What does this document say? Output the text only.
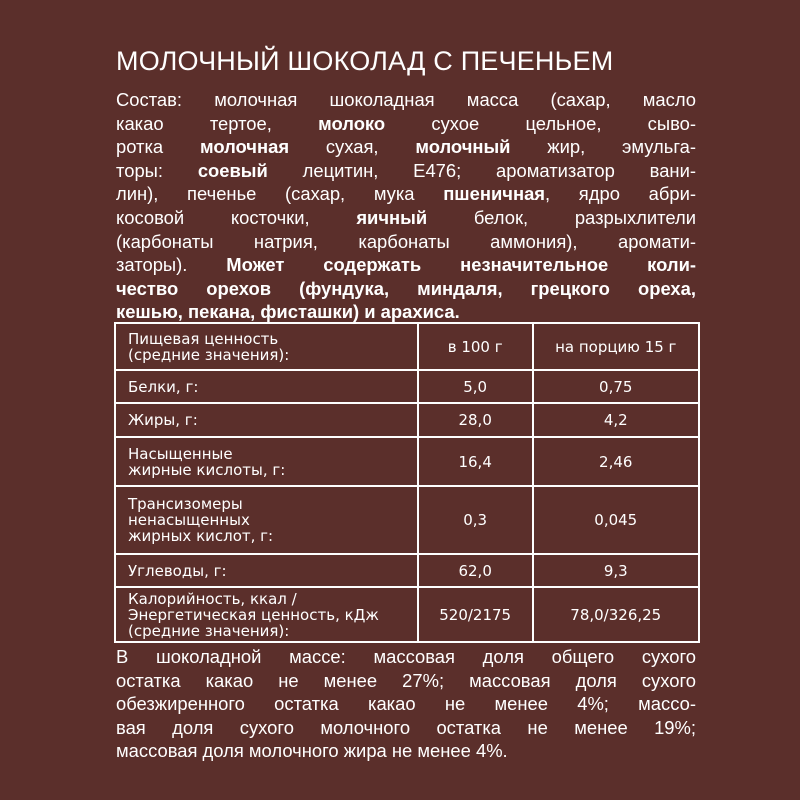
МОЛОЧНЫЙ ШОКОЛАД С ПЕЧЕНЬЕМ
Состав: молочная шоколадная масса (сахар, масло
какао тертое, молоко сухое цельное, сыво-
ротка молочная сухая, молочный жир, эмульга-
торы: соевый лецитин, Е476; ароматизатор вани-
лин), печенье (сахар, мука пшеничная, ядро абри-
косовой косточки, яичный белок, разрыхлители
(карбонаты натрия, карбонаты аммония), аромати-
заторы). Может содержать незначительное коли-
чество орехов (фундука, миндаля, грецкого ореха,
кешью, пекана, фисташки) и арахиса.
Пищевая ценность
(средние значения):	в 100 г	на порцию 15 г

Белки, г:	5,0	0,75

Жиры, г:	28,0	4,2

Насыщенные
жирные кислоты, г:	16,4	2,46

Трансизомеры
ненасыщенных
жирных кислот, г:	0,3	0,045

Углеводы, г:	62,0	9,3

Калорийность, ккал /
Энергетическая ценность, кДж
(средние значения):	520/2175	78,0/326,25
В шоколадной массе: массовая доля общего сухого
остатка какао не менее 27%; массовая доля сухого
обезжиренного остатка какао не менее 4%; массо-
вая доля сухого молочного остатка не менее 19%;
массовая доля молочного жира не менее 4%.
